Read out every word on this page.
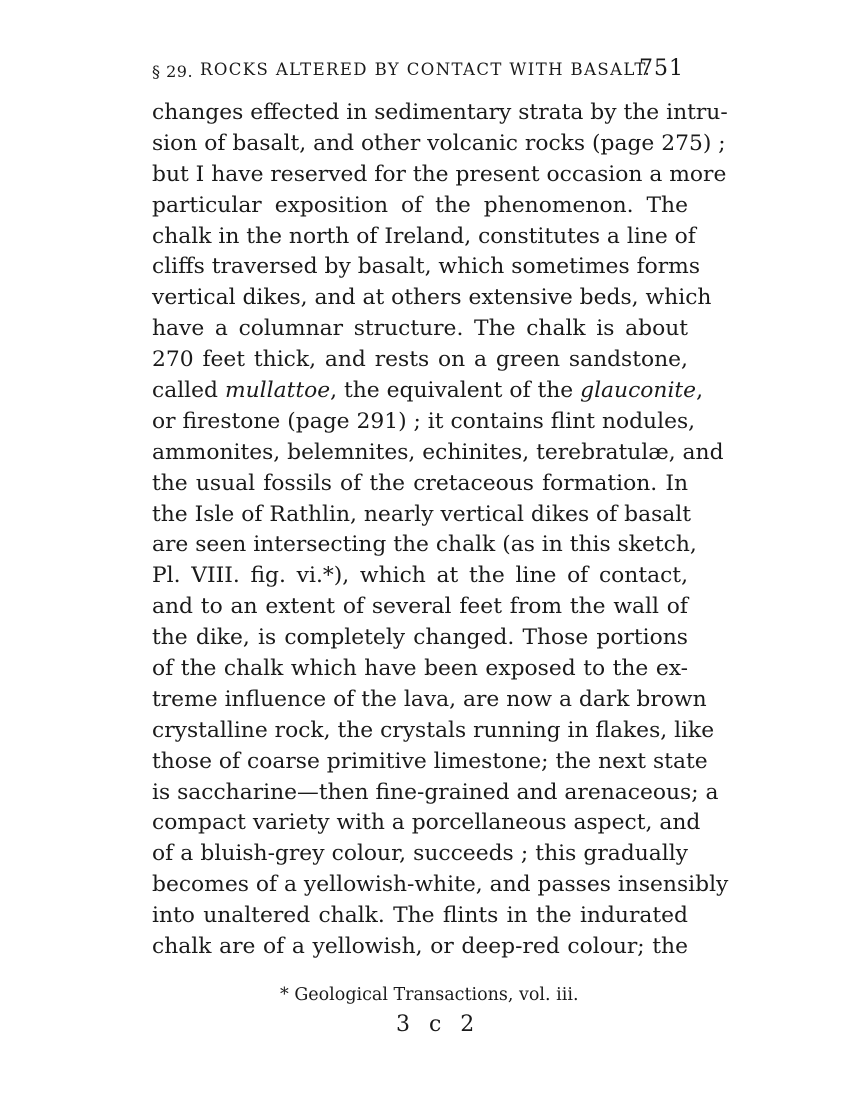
§ 29. ROCKS ALTERED BY CONTACT WITH BASALT.
751
changes effected in sedimentary strata by the intru-
sion of basalt, and other volcanic rocks (page 275) ;
but I have reserved for the present occasion a more
particular exposition of the phenomenon. The
chalk in the north of Ireland, constitutes a line of
cliffs traversed by basalt, which sometimes forms
vertical dikes, and at others extensive beds, which
have a columnar structure. The chalk is about
270 feet thick, and rests on a green sandstone,
called mullattoe, the equivalent of the glauconite,
or firestone (page 291) ; it contains flint nodules,
ammonites, belemnites, echinites, terebratulæ, and
the usual fossils of the cretaceous formation. In
the Isle of Rathlin, nearly vertical dikes of basalt
are seen intersecting the chalk (as in this sketch,
Pl. VIII. fig. vi.*), which at the line of contact,
and to an extent of several feet from the wall of
the dike, is completely changed. Those portions
of the chalk which have been exposed to the ex-
treme influence of the lava, are now a dark brown
crystalline rock, the crystals running in flakes, like
those of coarse primitive limestone; the next state
is saccharine—then fine-grained and arenaceous; a
compact variety with a porcellaneous aspect, and
of a bluish-grey colour, succeeds ; this gradually
becomes of a yellowish-white, and passes insensibly
into unaltered chalk. The flints in the indurated
chalk are of a yellowish, or deep-red colour; the
* Geological Transactions, vol. iii.
3 c 2
